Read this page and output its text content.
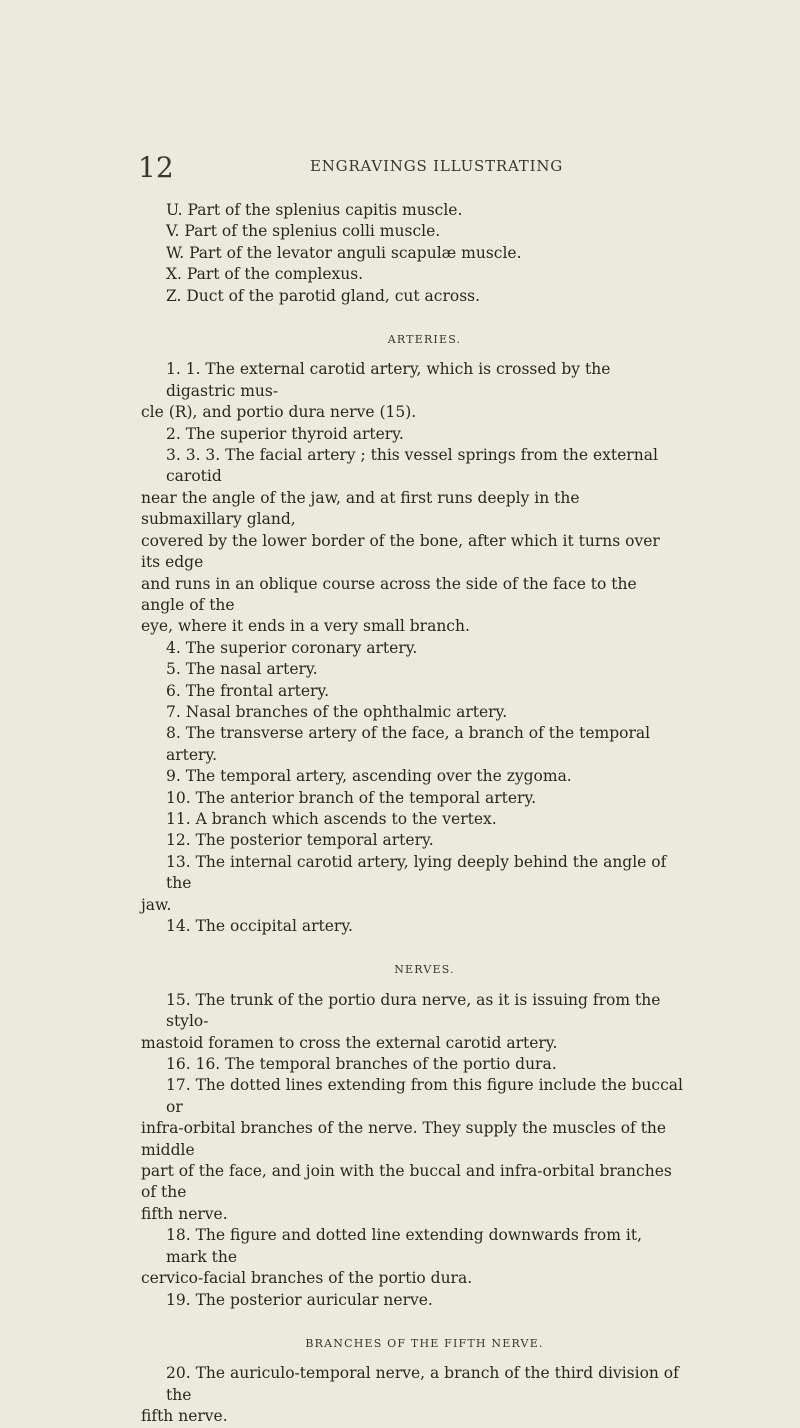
12	ENGRAVINGS ILLUSTRATING
U. Part of the splenius capitis muscle.
V. Part of the splenius colli muscle.
W. Part of the levator anguli scapulæ muscle.
X. Part of the complexus.
Z. Duct of the parotid gland, cut across.
ARTERIES.
1. 1. The external carotid artery, which is crossed by the digastric mus-
cle (R), and portio dura nerve (15).
2. The superior thyroid artery.
3. 3. 3. The facial artery ; this vessel springs from the external carotid
near the angle of the jaw, and at first runs deeply in the submaxillary gland,
covered by the lower border of the bone, after which it turns over its edge
and runs in an oblique course across the side of the face to the angle of the
eye, where it ends in a very small branch.
4. The superior coronary artery.
5. The nasal artery.
6. The frontal artery.
7. Nasal branches of the ophthalmic artery.
8. The transverse artery of the face, a branch of the temporal artery.
9. The temporal artery, ascending over the zygoma.
10. The anterior branch of the temporal artery.
11. A branch which ascends to the vertex.
12. The posterior temporal artery.
13. The internal carotid artery, lying deeply behind the angle of the
jaw.
14. The occipital artery.
NERVES.
15. The trunk of the portio dura nerve, as it is issuing from the stylo-
mastoid foramen to cross the external carotid artery.
16. 16. The temporal branches of the portio dura.
17. The dotted lines extending from this figure include the buccal or
infra-orbital branches of the nerve. They supply the muscles of the middle
part of the face, and join with the buccal and infra-orbital branches of the
fifth nerve.
18. The figure and dotted line extending downwards from it, mark the
cervico-facial branches of the portio dura.
19. The posterior auricular nerve.
BRANCHES OF THE FIFTH NERVE.
20. The auriculo-temporal nerve, a branch of the third division of the
fifth nerve.
